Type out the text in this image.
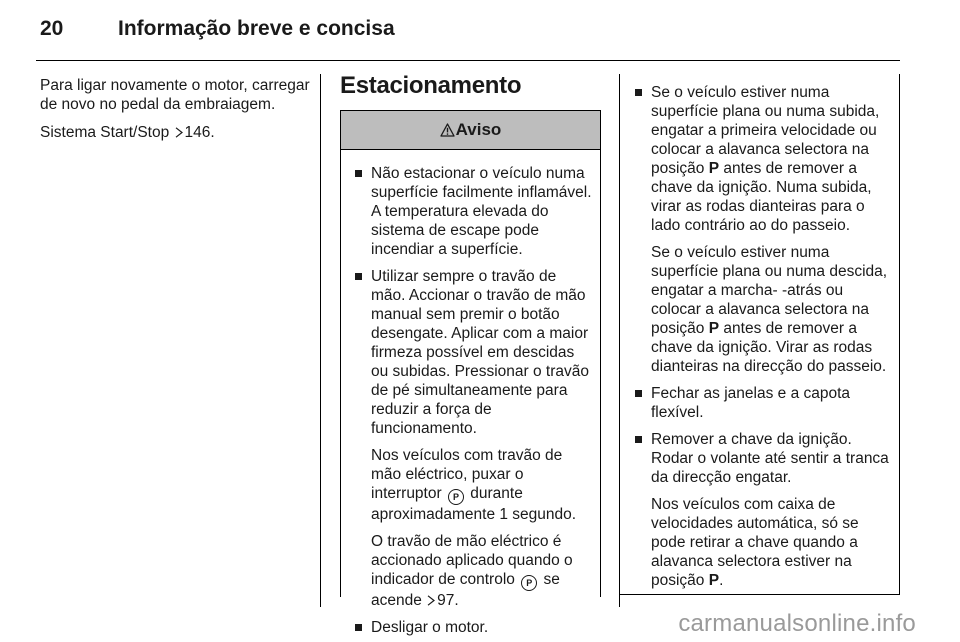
20	Informação breve e concisa

Para ligar novamente o motor, carregar de novo no pedal da embraiagem.

Sistema Start/Stop 146.

Estacionamento
Aviso
Não estacionar o veículo numa superfície facilmente inflamável. A temperatura elevada do sistema de escape pode incendiar a superfície.
Utilizar sempre o travão de mão. Accionar o travão de mão manual sem premir o botão desengate. Aplicar com a maior firmeza possível em descidas ou subidas. Pressionar o travão de pé simultaneamente para reduzir a força de funcionamento.
Nos veículos com travão de mão eléctrico, puxar o interruptor P durante aproximadamente 1 segundo.
O travão de mão eléctrico é accionado aplicado quando o indicador de controlo P se acende 97.
Desligar o motor.
Se o veículo estiver numa superfície plana ou numa subida, engatar a primeira velocidade ou colocar a alavanca selectora na posição P antes de remover a chave da ignição. Numa subida, virar as rodas dianteiras para o lado contrário ao do passeio.
Se o veículo estiver numa superfície plana ou numa descida, engatar a marcha- -atrás ou colocar a alavanca selectora na posição P antes de remover a chave da ignição. Virar as rodas dianteiras na direcção do passeio.
Fechar as janelas e a capota flexível.
Remover a chave da ignição. Rodar o volante até sentir a tranca da direcção engatar.
Nos veículos com caixa de velocidades automática, só se pode retirar a chave quando a alavanca selectora estiver na posição P.
carmanualsonline.info
